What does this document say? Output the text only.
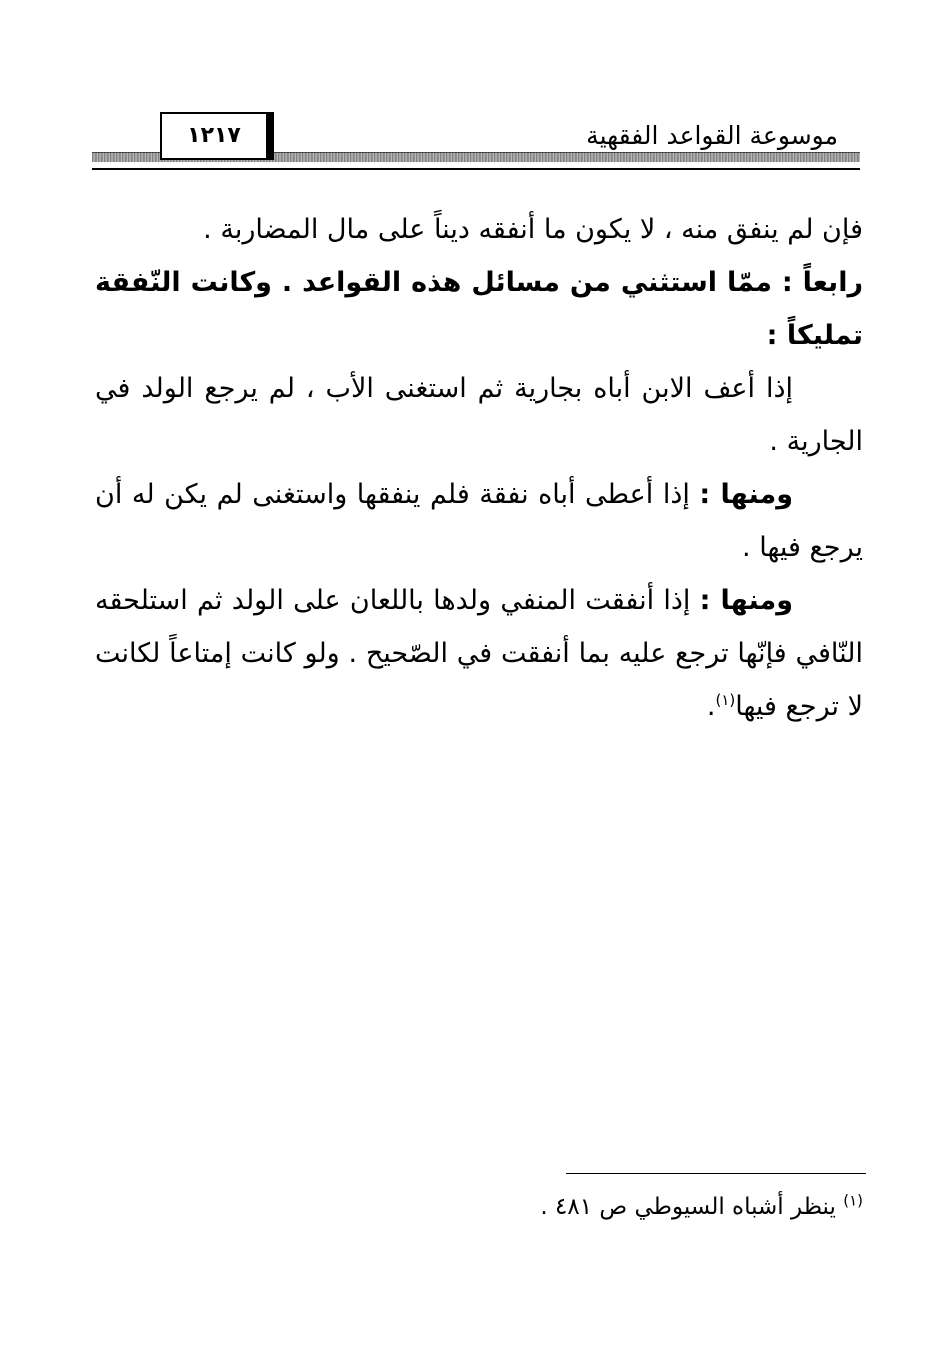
١٢١٧	موسوعة القواعد الفقهية

فإن لم ينفق منه ، لا يكون ما أنفقه ديناً على مال المضاربة .

رابعاً : ممّا استثني من مسائل هذه القواعد . وكانت النّفقة تمليكاً :

إذا أعف الابن أباه بجارية ثم استغنى الأب ، لم يرجع الولد في الجارية .

ومنها : إذا أعطى أباه نفقة فلم ينفقها واستغنى لم يكن له أن يرجع فيها .

ومنها : إذا أنفقت المنفي ولدها باللعان على الولد ثم استلحقه النّافي فإنّها ترجع عليه بما أنفقت في الصّحيح . ولو كانت إمتاعاً لكانت لا ترجع فيها$^{(١)}$.

$^{(١)}$ ينظر أشباه السيوطي ص ٤٨١ .
